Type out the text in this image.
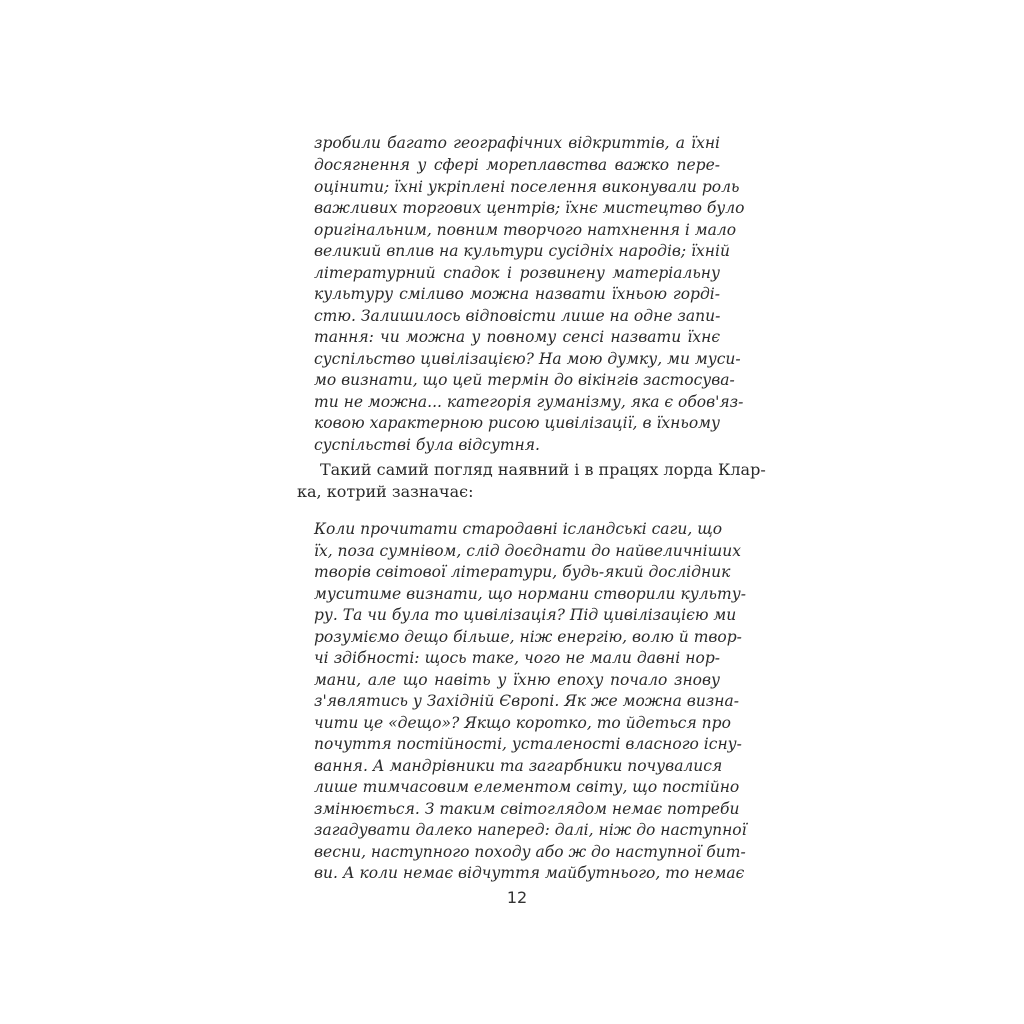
зробили багато географічних відкриттів, а їхні
досягнення у сфері мореплавства важко пере-
оцінити; їхні укріплені поселення виконували роль
важливих торгових центрів; їхнє мистецтво було
оригінальним, повним творчого натхнення і мало
великий вплив на культури сусідніх народів; їхній
літературний спадок і розвинену матеріальну
культуру сміливо можна назвати їхньою горді-
стю. Залишилось відповісти лише на одне запи-
тання: чи можна у повному сенсі назвати їхнє
суспільство цивілізацією? На мою думку, ми муси-
мо визнати, що цей термін до вікінгів застосува-
ти не можна... категорія гуманізму, яка є обов'яз-
ковою характерною рисою цивілізації, в їхньому
суспільстві була відсутня.
Такий самий погляд наявний і в працях лорда Клар-
ка, котрий зазначає:
Коли прочитати стародавні ісландські саги, що
їх, поза сумнівом, слід доєднати до найвеличніших
творів світової літератури, будь-який дослідник
муситиме визнати, що нормани створили культу-
ру. Та чи була то цивілізація? Під цивілізацією ми
розуміємо дещо більше, ніж енергію, волю й твор-
чі здібності: щось таке, чого не мали давні нор-
мани, але що навіть у їхню епоху почало знову
з'являтись у Західній Європі. Як же можна визна-
чити це «дещо»? Якщо коротко, то йдеться про
почуття постійності, усталеності власного існу-
вання. А мандрівники та загарбники почувалися
лише тимчасовим елементом світу, що постійно
змінюється. З таким світоглядом немає потреби
загадувати далеко наперед: далі, ніж до наступної
весни, наступного походу або ж до наступної бит-
ви. А коли немає відчуття майбутнього, то немає
12
